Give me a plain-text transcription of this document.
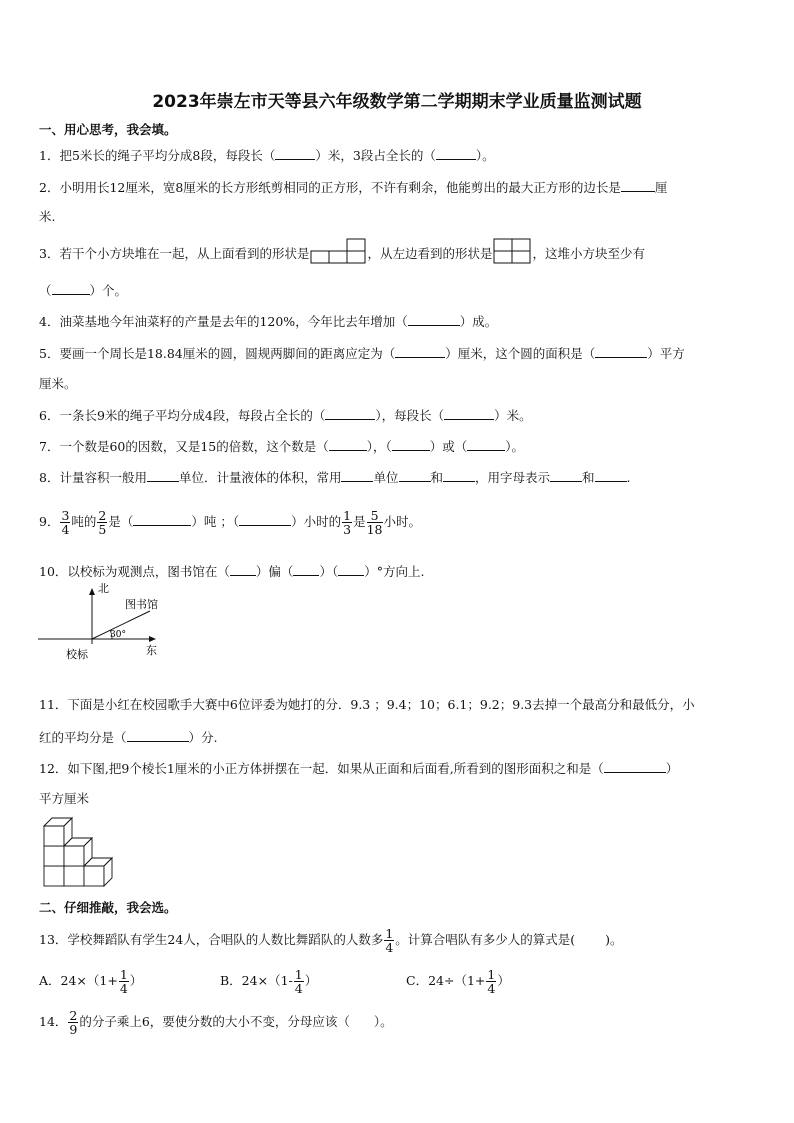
2023年崇左市天等县六年级数学第二学期期末学业质量监测试题
一、用心思考，我会填。
1．把5米长的绳子平均分成8段，每段长（	）米，3段占全长的（	）。
2．小明用长12厘米，宽8厘米的长方形纸剪相同的正方形，不许有剩余，他能剪出的最大正方形的边长是	厘
米.
3．若干个小方块堆在一起，从上面看到的形状是	，从左边看到的形状是	，这堆小方块至少有
（	）个。
4．油菜基地今年油菜籽的产量是去年的120%，今年比去年增加（	）成。
5．要画一个周长是18.84厘米的圆，圆规两脚间的距离应定为（	）厘米，这个圆的面积是（	）平方
厘米。
6．一条长9米的绳子平均分成4段，每段占全长的（	），每段长（	）米。
7．一个数是60的因数，又是15的倍数，这个数是（	），（	）或（	）。
8．计量容积一般用	单位．计量液体的体积，常用	单位	和	，用字母表示	和	.
9． $\frac{3}{4}$ 吨的 $\frac{2}{5}$ 是（	）吨 ；（	）小时的 $\frac{1}{3}$ 是 $\frac{5}{18}$ 小时。
10．以校标为观测点，图书馆在（ ）偏（ ）（ ）°方向上.
北
东
校标
图书馆
30°
11．下面是小红在校园歌手大赛中6位评委为她打的分．9.3 ；9.4；10；6.1；9.2；9.3去掉一个最高分和最低分，小
红的平均分是（	）分.
12．如下图,把9个棱长1厘米的小正方体拼摆在一起．如果从正面和后面看,所看到的图形面积之和是（	）
平方厘米
二、仔细推敲，我会选。
13．学校舞蹈队有学生24人，合唱队的人数比舞蹈队的人数多 $\frac{1}{4}$ 。计算合唱队有多少人的算式是( )。
A．$24\times(1+ \frac{1}{4}$ ）	B．$24\times(1- \frac{1}{4}$ ）	C．$24\div(1+ \frac{1}{4}$ ）
14． $\frac{2}{9}$ 的分子乘上6，要使分数的大小不变，分母应该（ ）。
